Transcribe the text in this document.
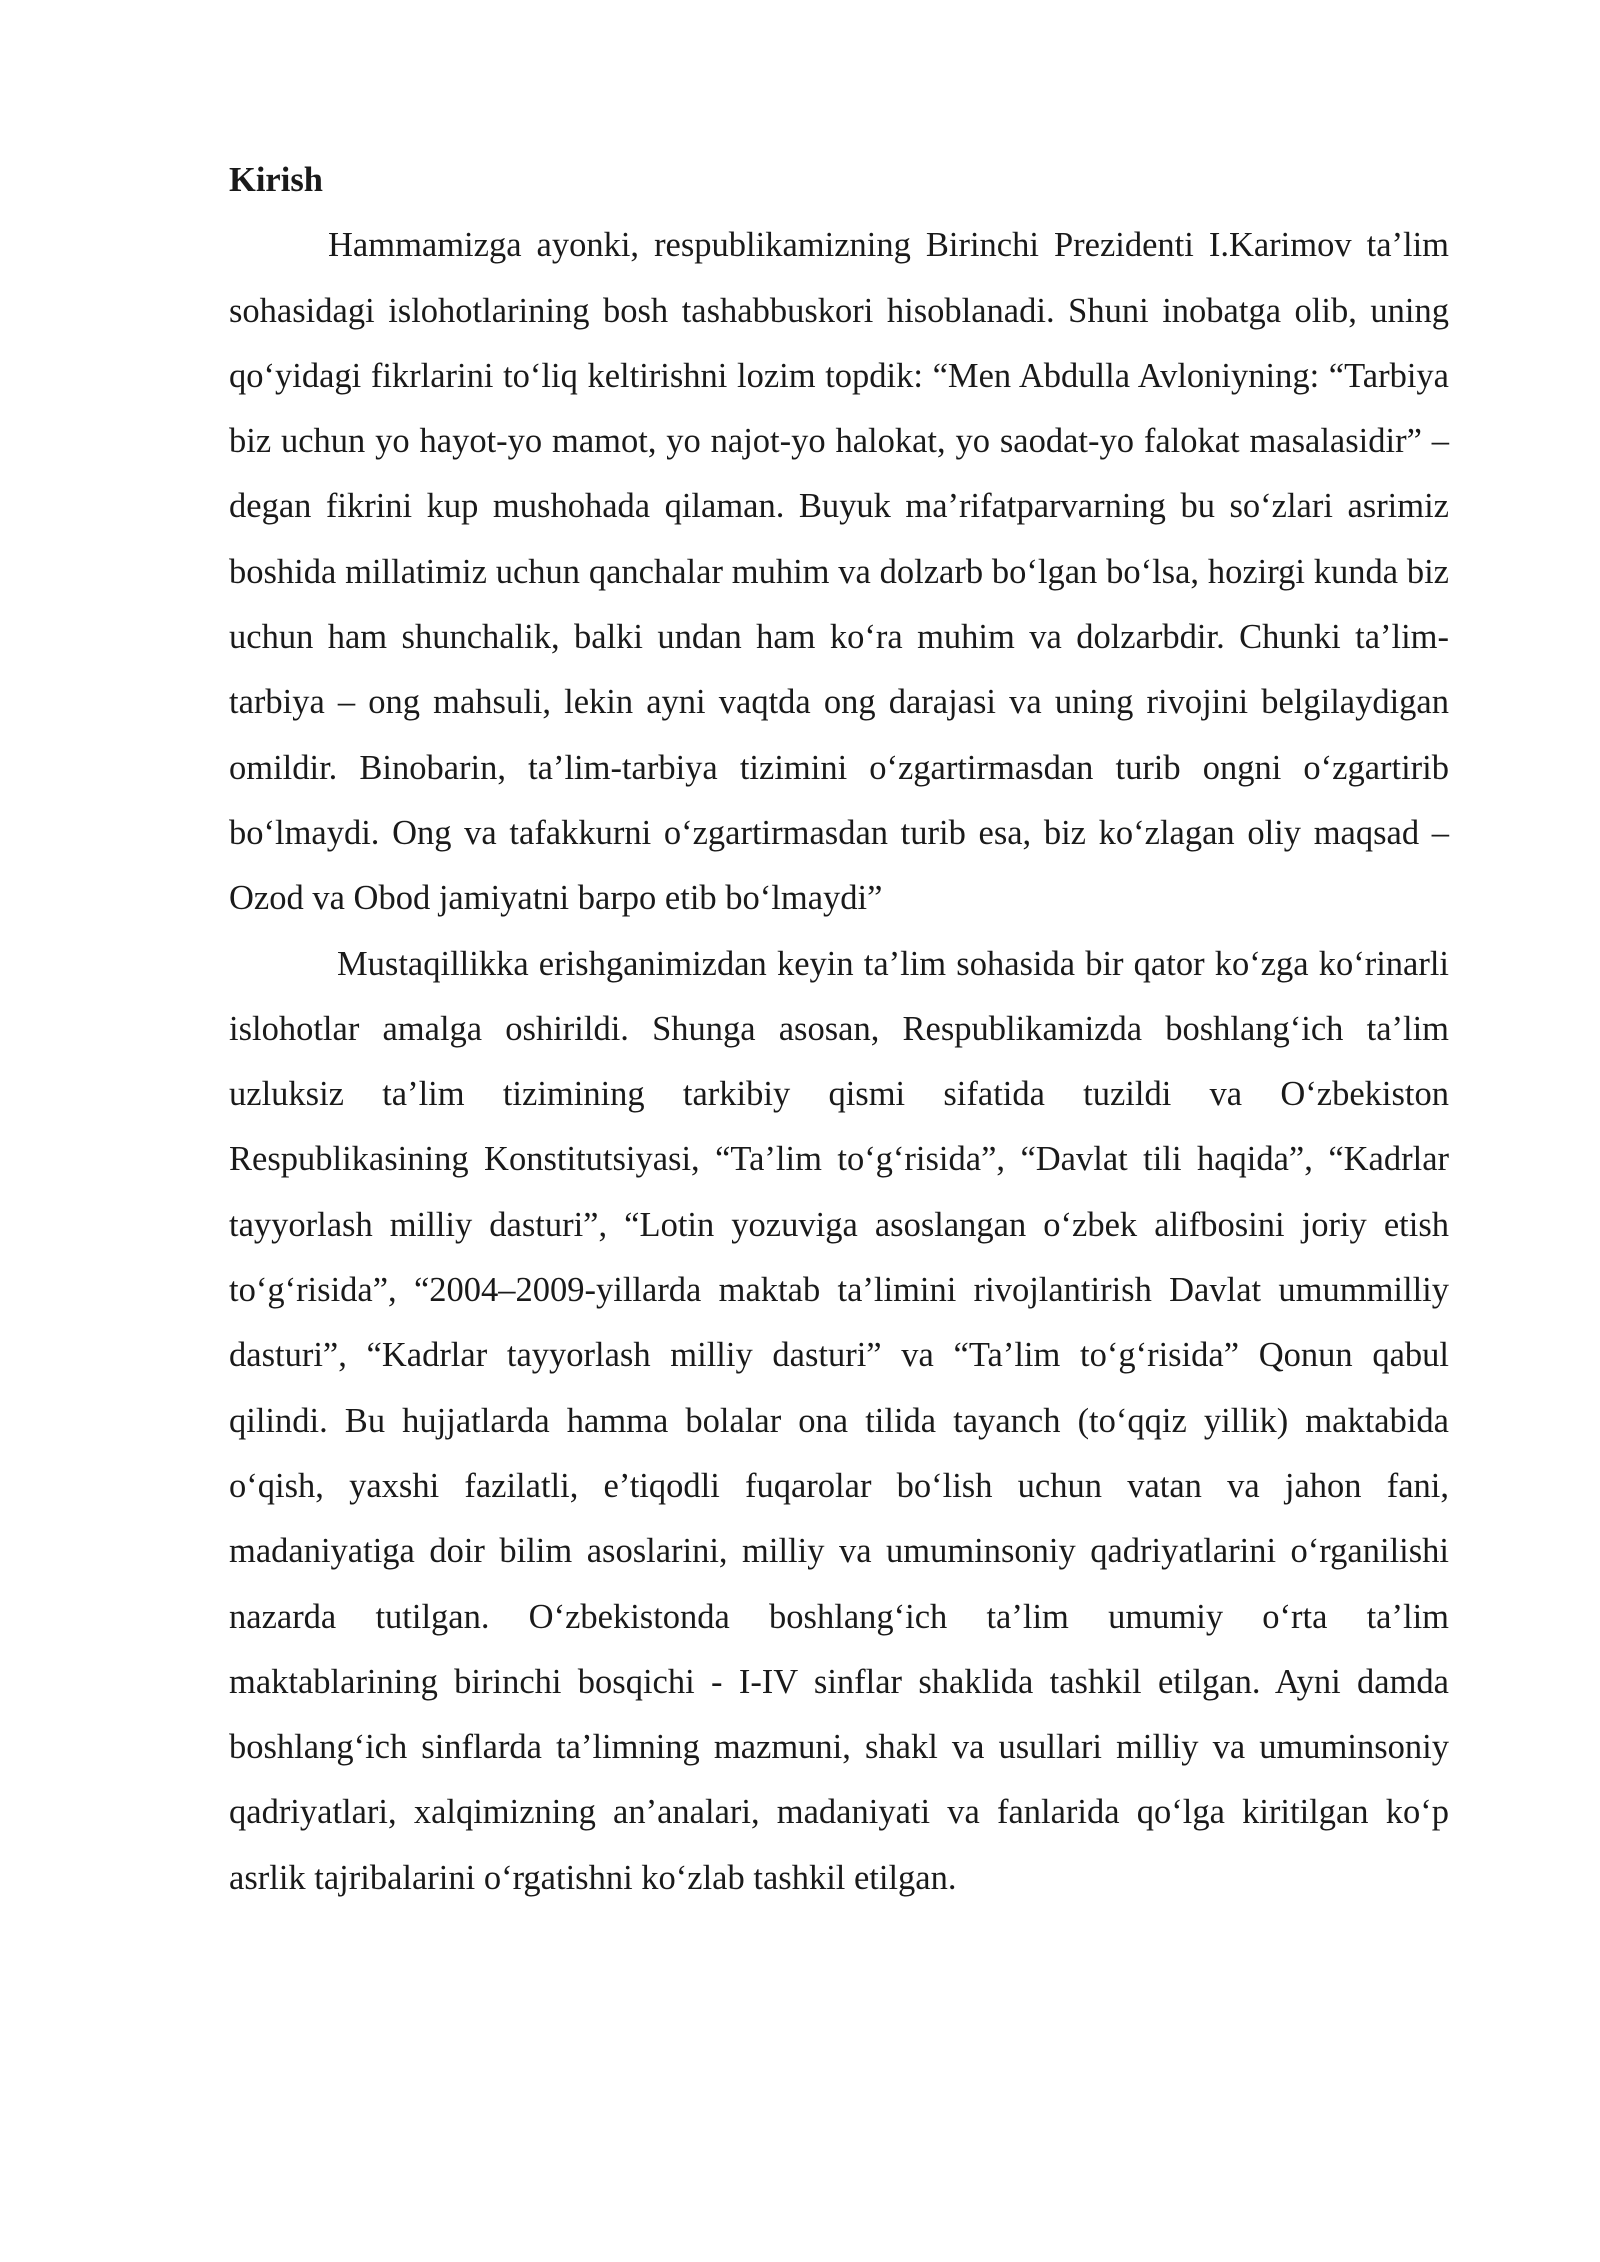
Kirish

Hammamizga ayonki, respublikamizning Birinchi Prezidenti I.Karimov ta’lim sohasidagi islohotlarining bosh tashabbuskori hisoblanadi. Shuni inobatga olib, uning qo‘yidagi fikrlarini to‘liq keltirishni lozim topdik: “Men Abdulla Avloniyning: “Tarbiya biz uchun yo hayot-yo mamot, yo najot-yo halokat, yo saodat-yo falokat masalasidir” – degan fikrini kup mushohada qilaman. Buyuk ma’rifatparvarning bu so‘zlari asrimiz boshida millatimiz uchun qanchalar muhim va dolzarb bo‘lgan bo‘lsa, hozirgi kunda biz uchun ham shunchalik, balki undan ham ko‘ra muhim va dolzarbdir. Chunki ta’lim-tarbiya – ong mahsuli, lekin ayni vaqtda ong darajasi va uning rivojini belgilaydigan omildir. Binobarin, ta’lim-tarbiya tizimini o‘zgartirmasdan turib ongni o‘zgartirib bo‘lmaydi. Ong va tafakkurni o‘zgartirmasdan turib esa, biz ko‘zlagan oliy maqsad – Ozod va Obod jamiyatni barpo etib bo‘lmaydi”

Mustaqillikka erishganimizdan keyin ta’lim sohasida bir qator ko‘zga ko‘rinarli islohotlar amalga oshirildi. Shunga asosan, Respublikamizda boshlang‘ich ta’lim uzluksiz ta’lim tizimining tarkibiy qismi sifatida tuzildi va O‘zbekiston Respublikasining Konstitutsiyasi, “Ta’lim to‘g‘risida”, “Davlat tili haqida”, “Kadrlar tayyorlash milliy dasturi”, “Lotin yozuviga asoslangan o‘zbek alifbosini joriy etish to‘g‘risida”, “2004–2009-yillarda maktab ta’limini rivojlantirish Davlat umummilliy dasturi”, “Kadrlar tayyorlash milliy dasturi” va “Ta’lim to‘g‘risida” Qonun qabul qilindi. Bu hujjatlarda hamma bolalar ona tilida tayanch (to‘qqiz yillik) maktabida o‘qish, yaxshi fazilatli, e’tiqodli fuqarolar bo‘lish uchun vatan va jahon fani, madaniyatiga doir bilim asoslarini, milliy va umuminsoniy qadriyatlarini o‘rganilishi nazarda tutilgan. O‘zbekistonda boshlang‘ich ta’lim umumiy o‘rta ta’lim maktablarining birinchi bosqichi - I-IV sinflar shaklida tashkil etilgan. Ayni damda boshlang‘ich sinflarda ta’limning mazmuni, shakl va usullari milliy va umuminsoniy qadriyatlari, xalqimizning an’analari, madaniyati va fanlarida qo‘lga kiritilgan ko‘p asrlik tajribalarini o‘rgatishni ko‘zlab tashkil etilgan.
